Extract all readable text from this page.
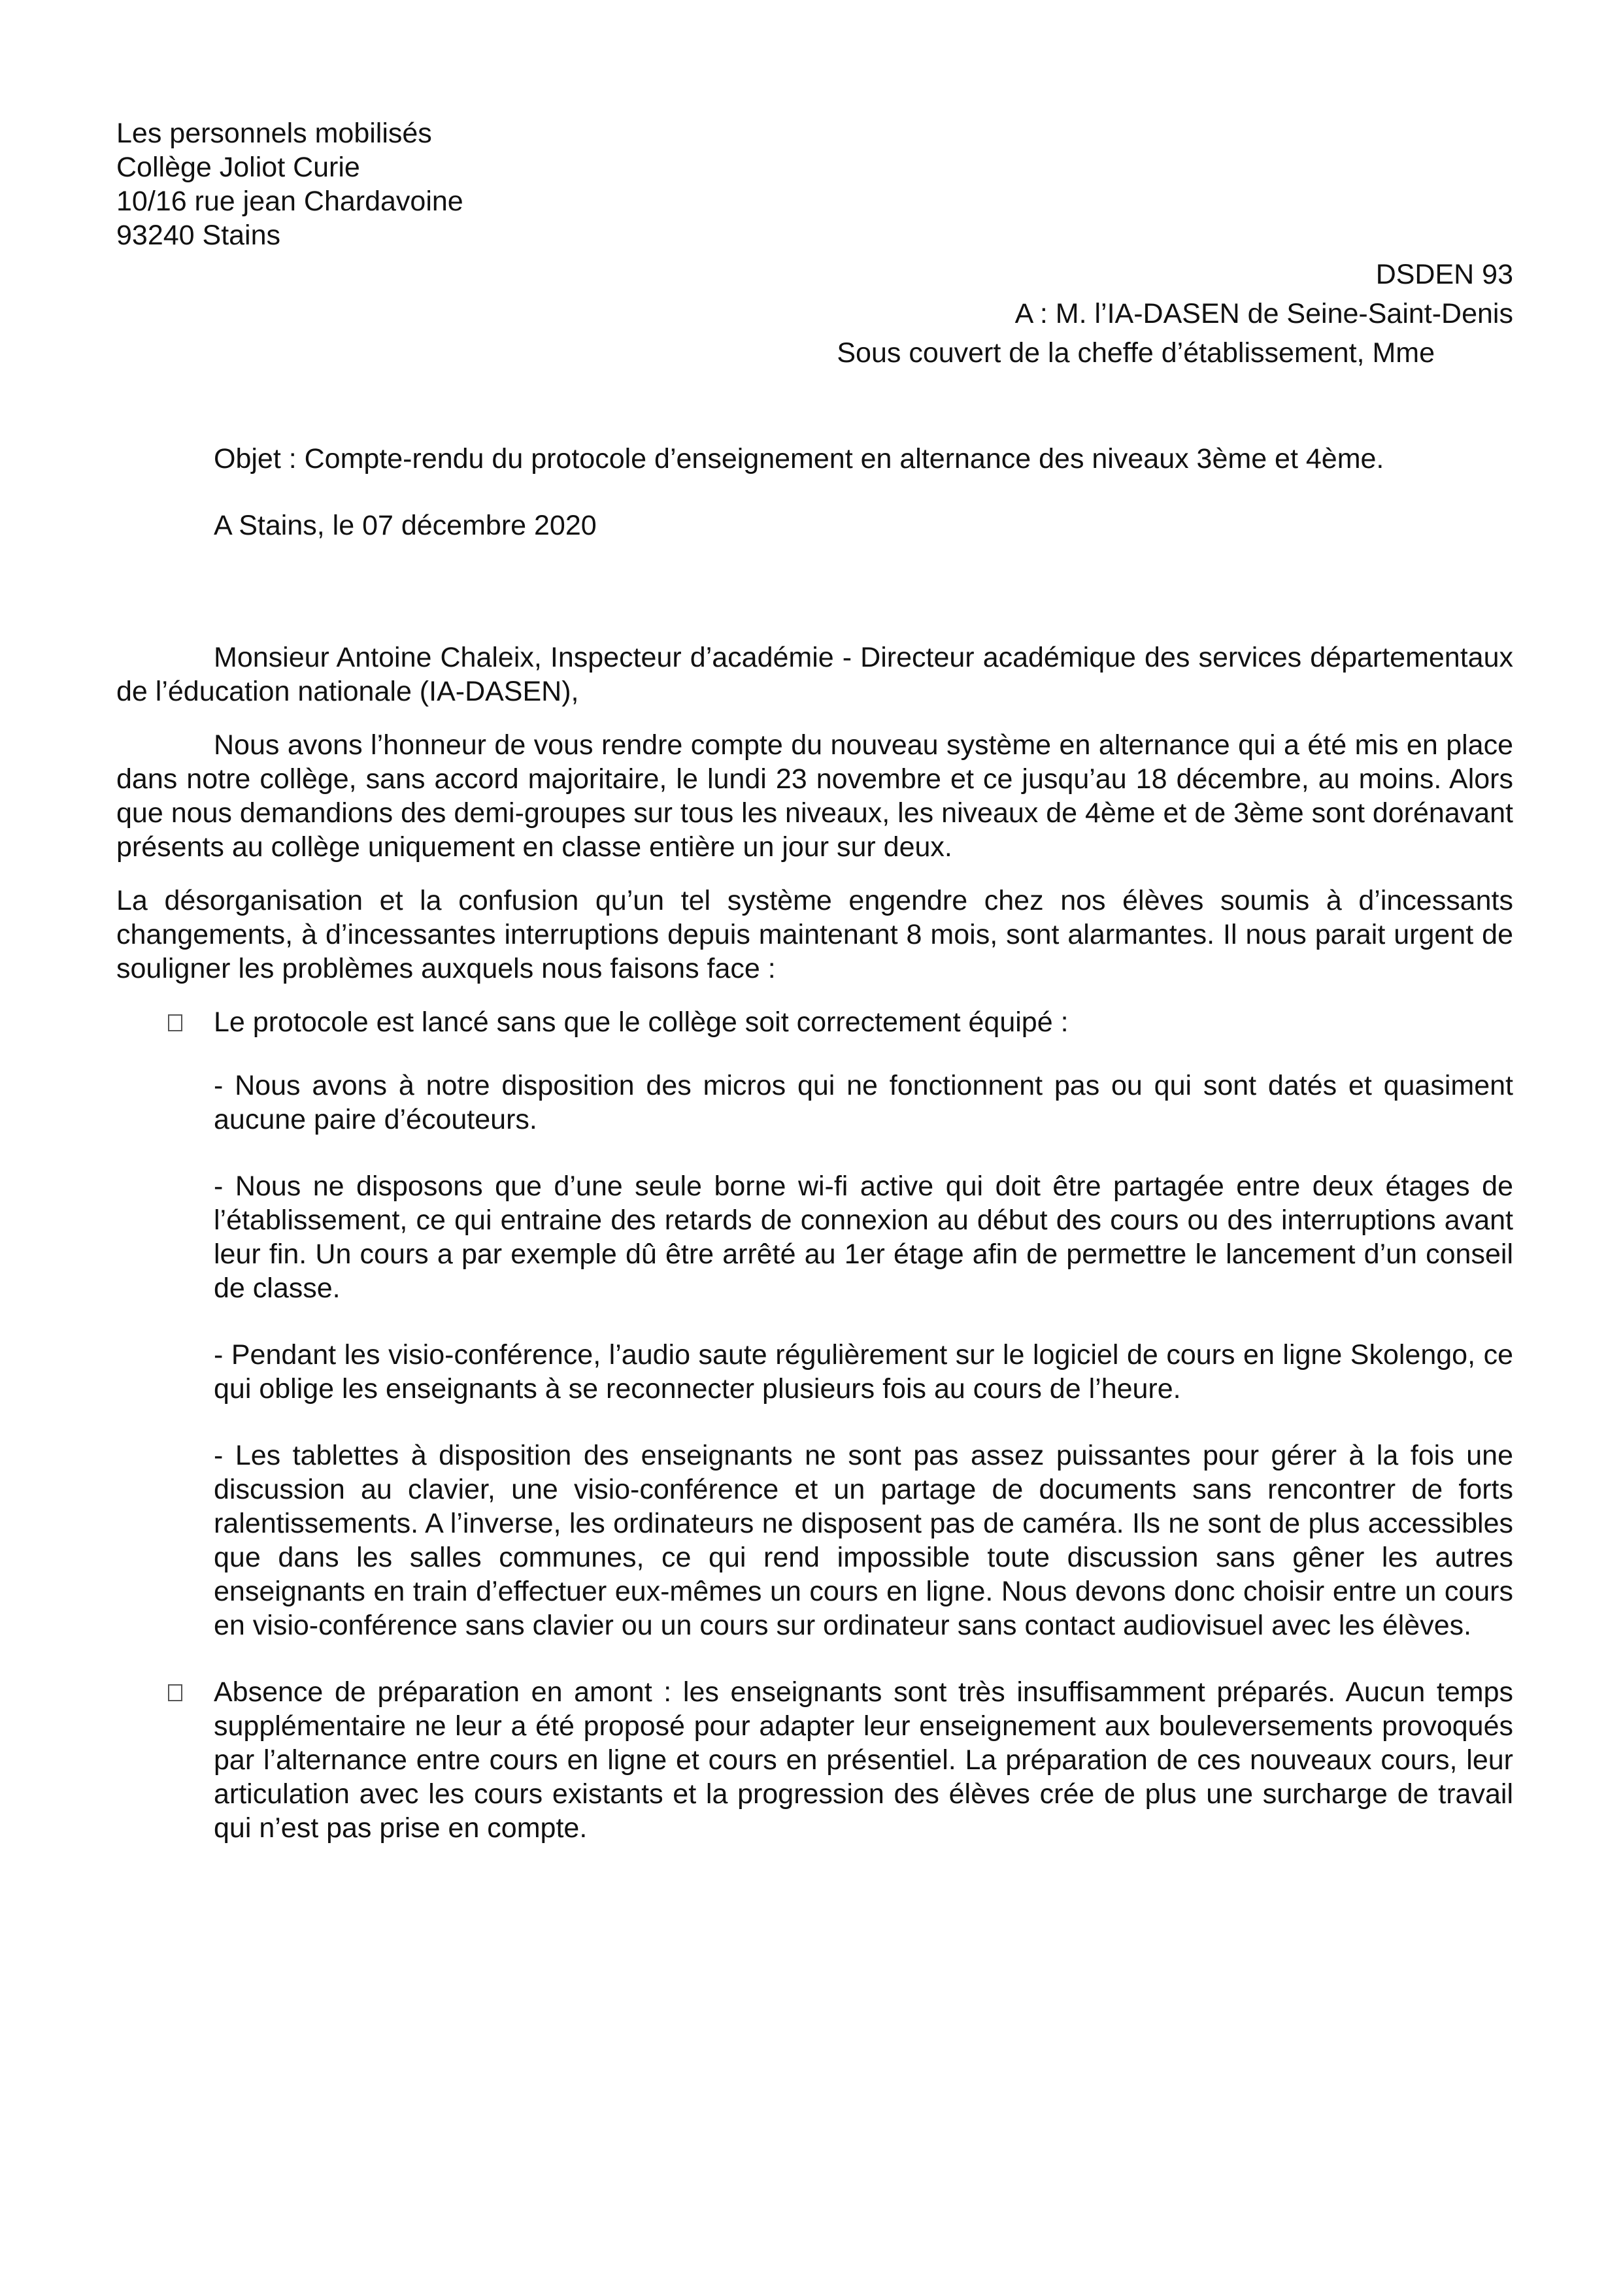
Les personnels mobilisés
Collège Joliot Curie
10/16 rue jean Chardavoine
93240 Stains
DSDEN 93
A : M. l’IA-DASEN de Seine-Saint-Denis
Sous couvert de la cheffe d’établissement, Mme
Objet : Compte-rendu du protocole d’enseignement en alternance des niveaux 3ème et 4ème.
A Stains, le 07 décembre 2020

Monsieur Antoine Chaleix, Inspecteur d’académie - Directeur académique des services départementaux de l’éducation nationale (IA-DASEN),

Nous avons l’honneur de vous rendre compte du nouveau système en alternance qui a été mis en place dans notre collège, sans accord majoritaire, le lundi 23 novembre et ce jusqu’au 18 décembre, au moins. Alors que nous demandions des demi-groupes sur tous les niveaux, les niveaux de 4ème et de 3ème sont dorénavant présents au collège uniquement en classe entière un jour sur deux.

La désorganisation et la confusion qu’un tel système engendre chez nos élèves soumis à d’incessants changements, à d’incessantes interruptions depuis maintenant 8 mois, sont alarmantes. Il nous parait urgent de souligner les problèmes auxquels nous faisons face :

Le protocole est lancé sans que le collège soit correctement équipé :

- Nous avons à notre disposition des micros qui ne fonctionnent pas ou qui sont datés et quasiment aucune paire d’écouteurs.

- Nous ne disposons que d’une seule borne wi-fi active qui doit être partagée entre deux étages de l’établissement, ce qui entraine des retards de connexion au début des cours ou des interruptions avant leur fin. Un cours a par exemple dû être arrêté au 1er étage afin de permettre le lancement d’un conseil de classe.

- Pendant les visio-conférence, l’audio saute régulièrement sur le logiciel de cours en ligne Skolengo, ce qui oblige les enseignants à se reconnecter plusieurs fois au cours de l’heure.

- Les tablettes à disposition des enseignants ne sont pas assez puissantes pour gérer à la fois une discussion au clavier, une visio-conférence et un partage de documents sans rencontrer de forts ralentissements. A l’inverse, les ordinateurs ne disposent pas de caméra. Ils ne sont de plus accessibles que dans les salles communes, ce qui rend impossible toute discussion sans gêner les autres enseignants en train d’effectuer eux-mêmes un cours en ligne. Nous devons donc choisir entre un cours en visio-conférence sans clavier ou un cours sur ordinateur sans contact audiovisuel avec les élèves.

Absence de préparation en amont : les enseignants sont très insuffisamment préparés. Aucun temps supplémentaire ne leur a été proposé pour adapter leur enseignement aux bouleversements provoqués par l’alternance entre cours en ligne et cours en présentiel. La préparation de ces nouveaux cours, leur articulation avec les cours existants et la progression des élèves crée de plus une surcharge de travail qui n’est pas prise en compte.
